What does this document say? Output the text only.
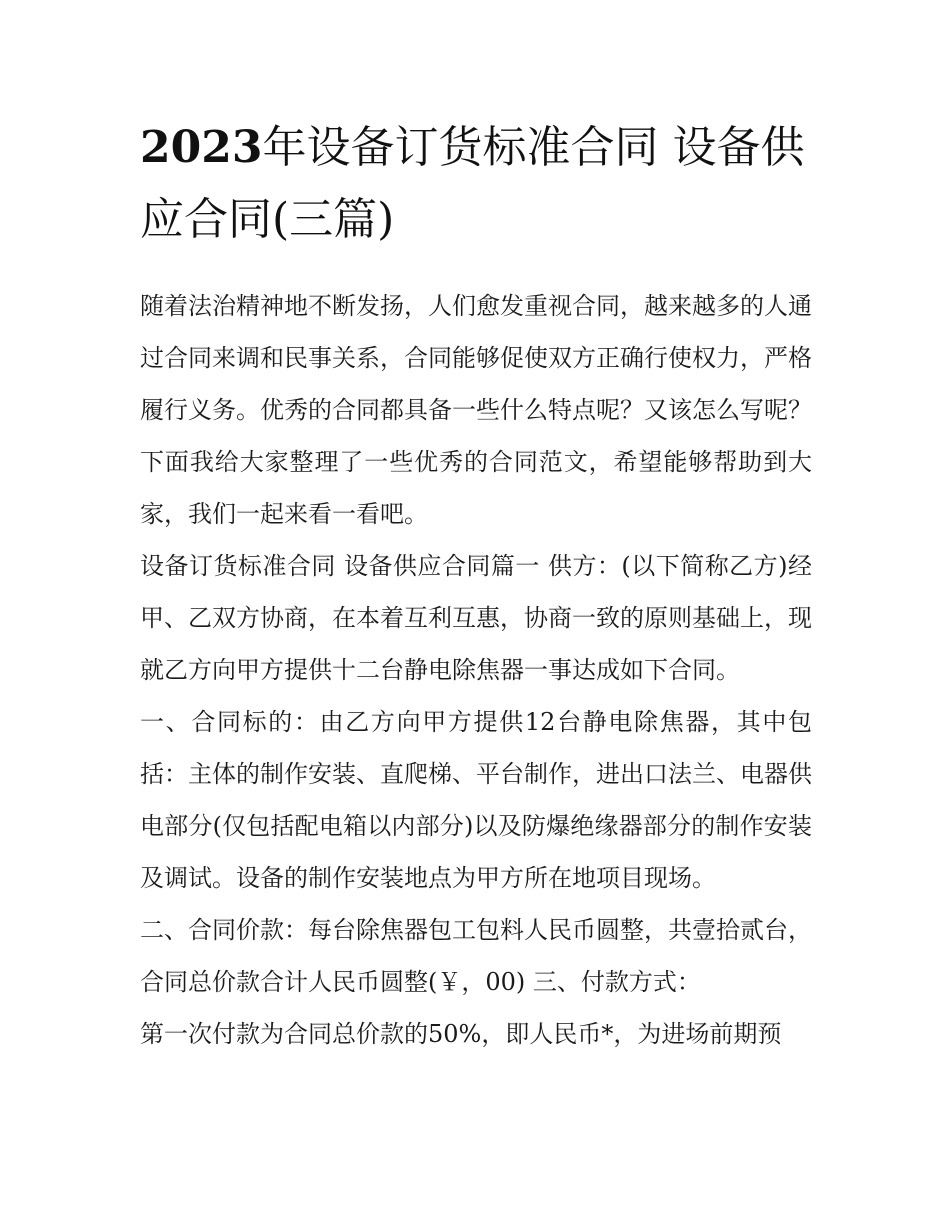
2023年设备订货标准合同 设备供应合同(三篇)

随着法治精神地不断发扬，人们愈发重视合同，越来越多的人通过合同来调和民事关系，合同能够促使双方正确行使权力，严格履行义务。优秀的合同都具备一些什么特点呢？又该怎么写呢？下面我给大家整理了一些优秀的合同范文，希望能够帮助到大家，我们一起来看一看吧。

设备订货标准合同 设备供应合同篇一 供方：(以下简称乙方)经甲、乙双方协商，在本着互利互惠，协商一致的原则基础上，现就乙方向甲方提供十二台静电除焦器一事达成如下合同。

一、合同标的：由乙方向甲方提供12台静电除焦器，其中包括：主体的制作安装、直爬梯、平台制作，进出口法兰、电器供电部分(仅包括配电箱以内部分)以及防爆绝缘器部分的制作安装及调试。设备的制作安装地点为甲方所在地项目现场。

二、合同价款：每台除焦器包工包料人民币圆整，共壹拾贰台，合同总价款合计人民币圆整(￥，00) 三、付款方式：

第一次付款为合同总价款的50%，即人民币*，为进场前期预
